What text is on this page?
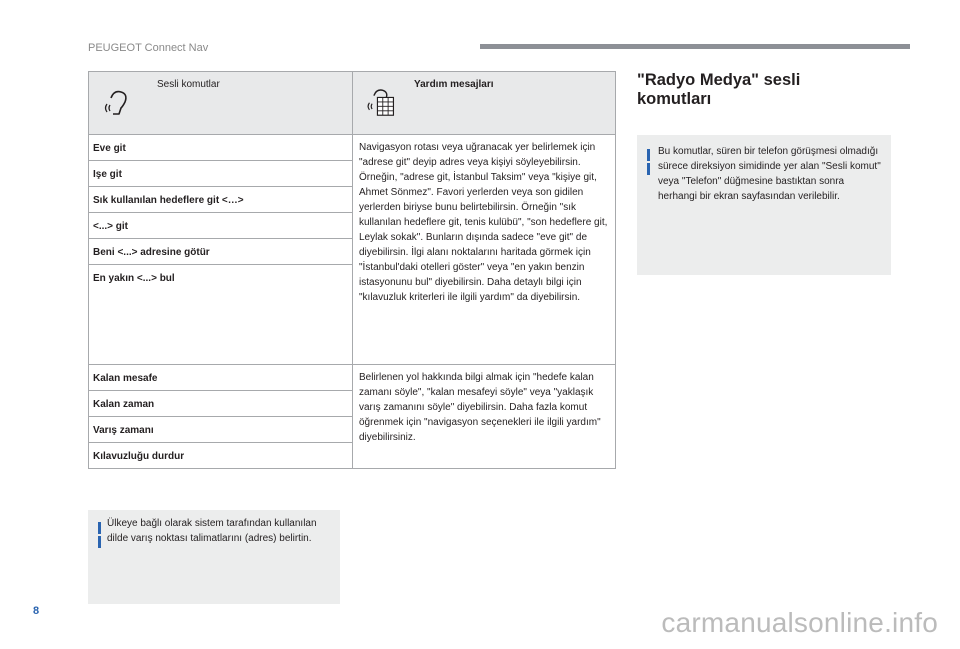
PEUGEOT Connect Nav
Sesli komutlar	Yardım mesajları

Eve git	Navigasyon rotası veya uğranacak yer belirlemek için "adrese git" deyip adres veya kişiyi söyleyebilirsin. Örneğin, "adrese git, İstanbul Taksim" veya "kişiye git, Ahmet Sönmez". Favori yerlerden veya son gidilen yerlerden biriyse bunu belirtebilirsin. Örneğin "sık kullanılan hedeflere git, tenis kulübü", "son hedeflere git, Leylak sokak". Bunların dışında sadece "eve git" de diyebilirsin. İlgi alanı noktalarını haritada görmek için "İstanbul'daki otelleri göster" veya "en yakın benzin istasyonunu bul" diyebilirsin. Daha detaylı bilgi için "kılavuzluk kriterleri ile ilgili yardım" da diyebilirsin.
Işe git	
Sık kullanılan hedeflere git <…>	
<...> git	
Beni <...> adresine götür	
En yakın <...> bul	
Kalan mesafe	Belirlenen yol hakkında bilgi almak için "hedefe kalan zamanı söyle", "kalan mesafeyi söyle" veya "yaklaşık varış zamanını söyle" diyebilirsin. Daha fazla komut öğrenmek için "navigasyon seçenekleri ile ilgili yardım" diyebilirsiniz.
Kalan zaman	
Varış zamanı	
Kılavuzluğu durdur	
Ülkeye bağlı olarak sistem tarafından kullanılan dilde varış noktası talimatlarını (adres) belirtin.
"Radyo Medya" sesli
komutları
Bu komutlar, süren bir telefon görüşmesi olmadığı sürece direksiyon simidinde yer alan "Sesli komut" veya "Telefon" düğmesine bastıktan sonra herhangi bir ekran sayfasından verilebilir.
8	carmanualsonline.info
